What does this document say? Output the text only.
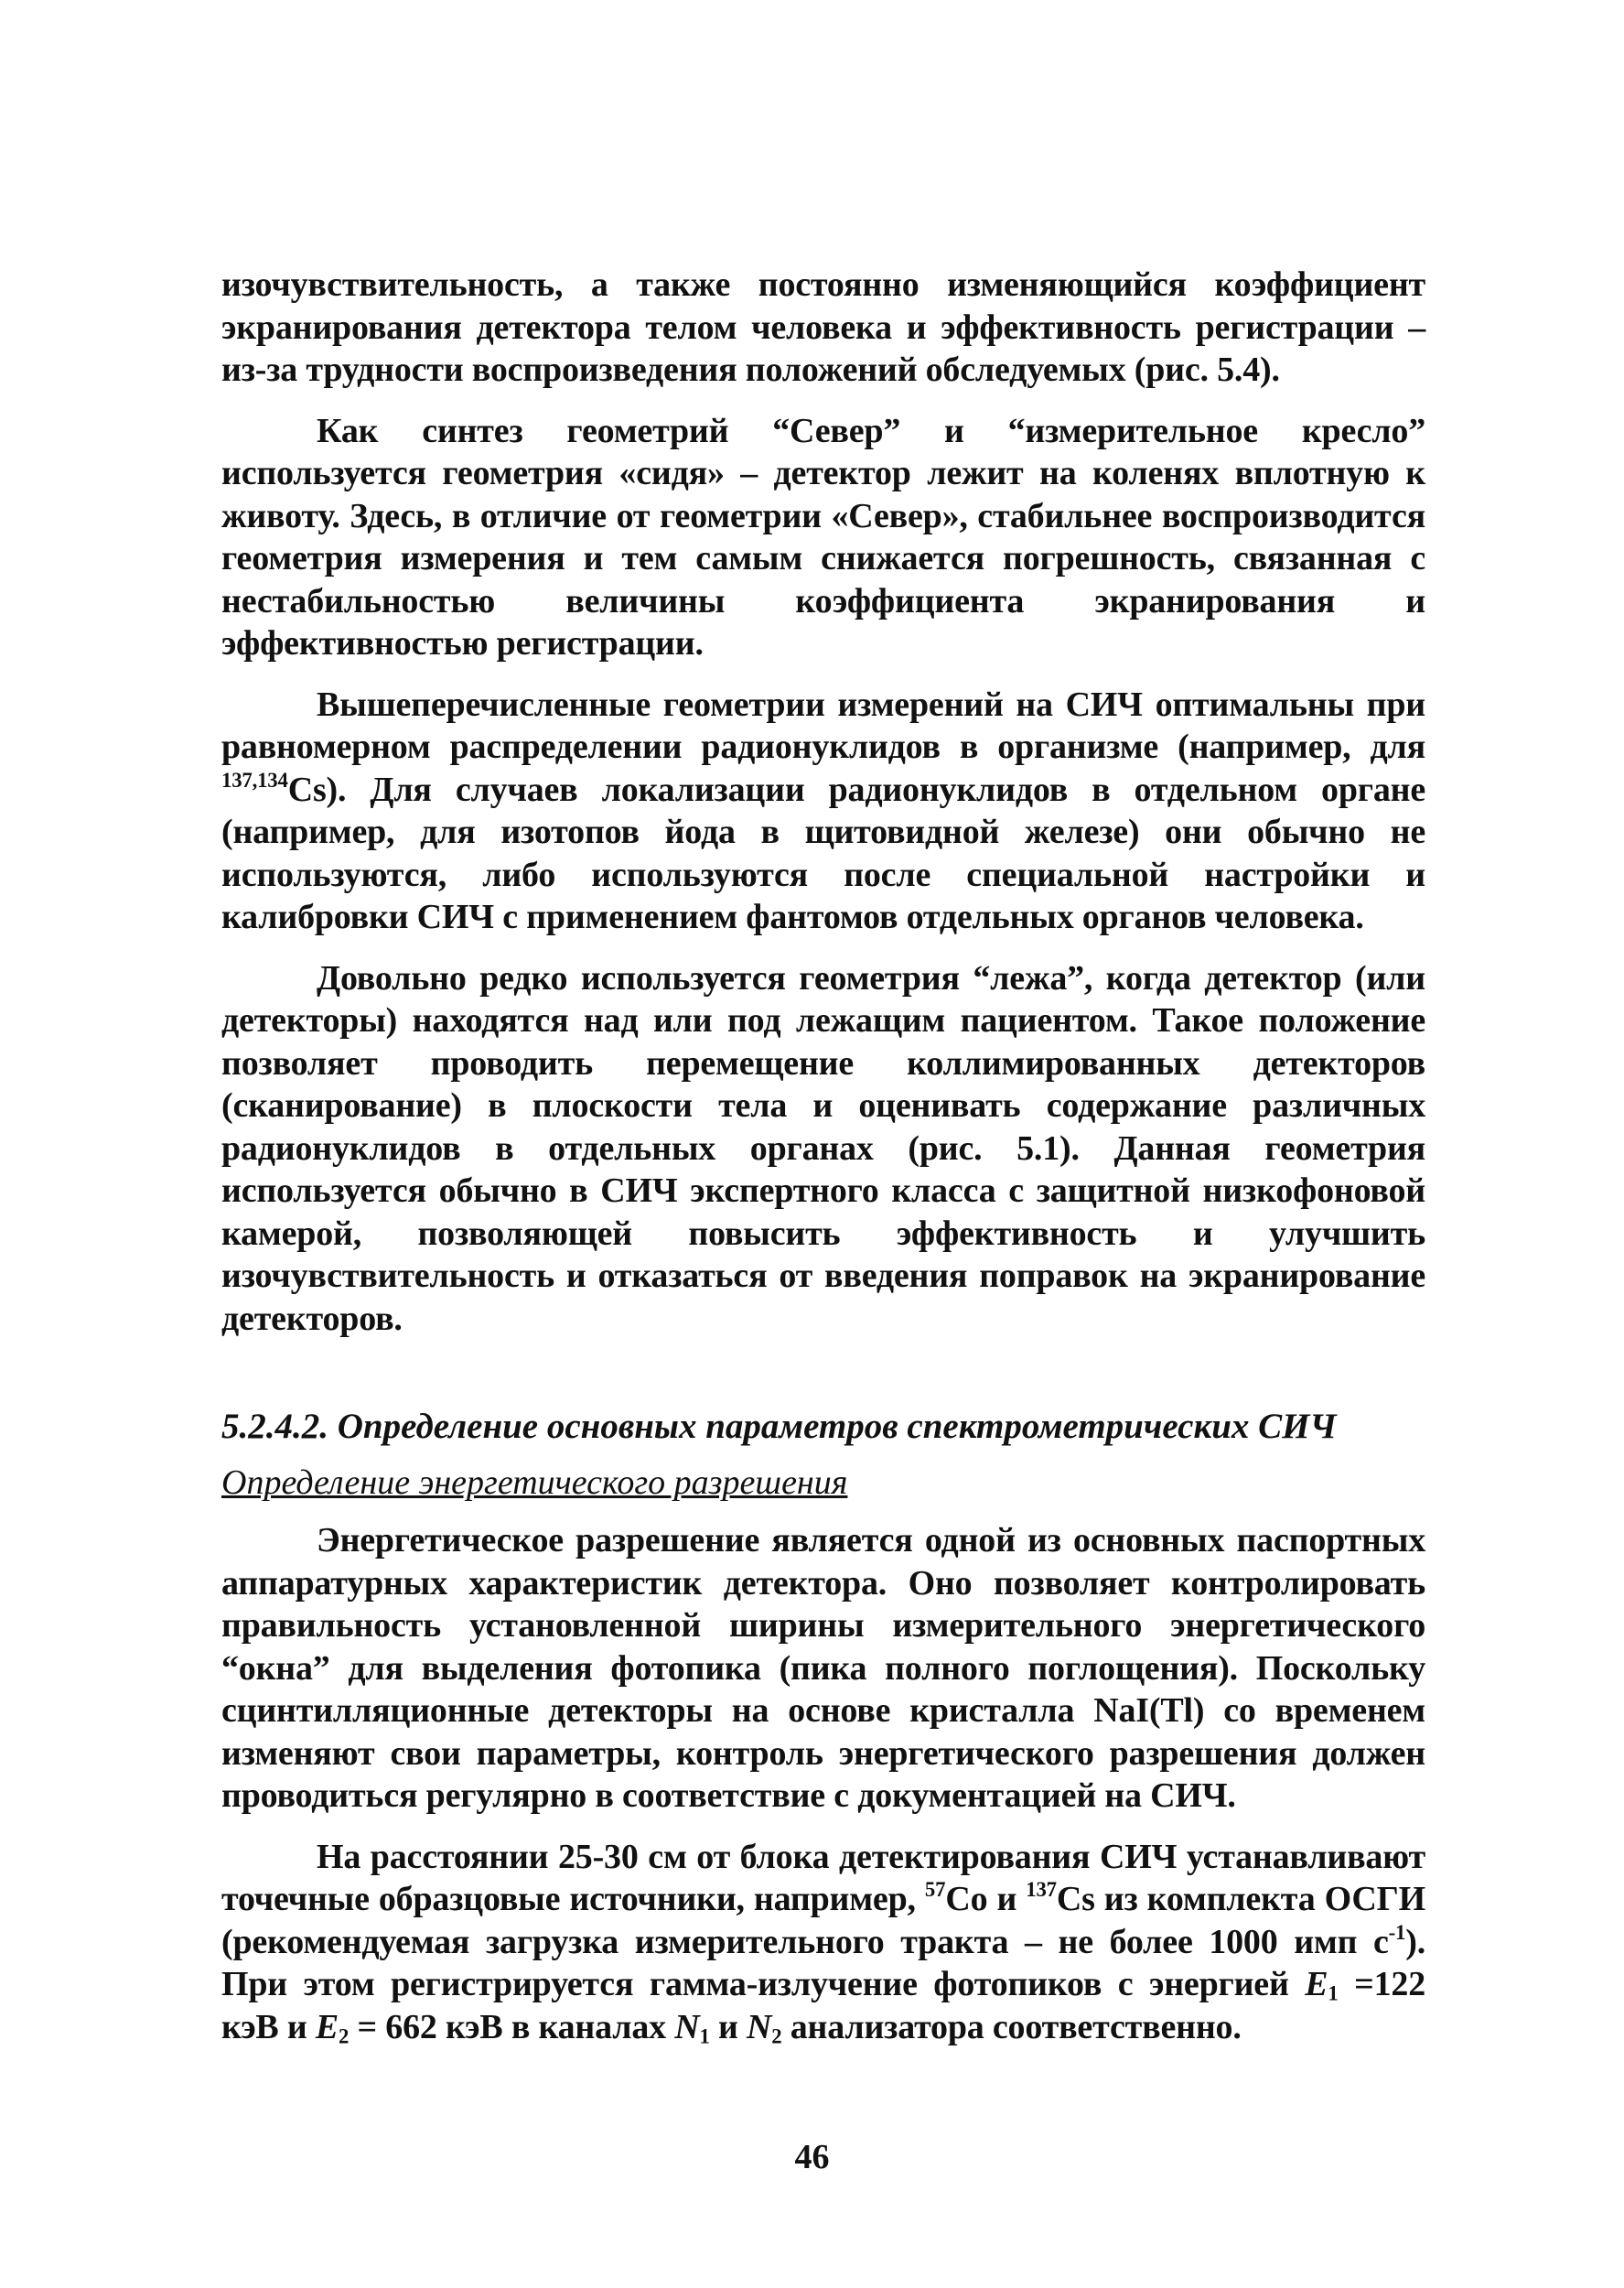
изочувствительность, а также постоянно изменяющийся коэффициент экранирования детектора телом человека и эффективность регистрации – из-за трудности воспроизведения положений обследуемых (рис. 5.4).

Как синтез геометрий “Север” и “измерительное кресло” используется геометрия «сидя» – детектор лежит на коленях вплотную к животу. Здесь, в отличие от геометрии «Север», стабильнее воспроизводится геометрия измерения и тем самым снижается погрешность, связанная с нестабильностью величины коэффициента экранирования и эффективностью регистрации.

Вышеперечисленные геометрии измерений на СИЧ оптимальны при равномерном распределении радионуклидов в организме (например, для $^{137,134}$Cs). Для случаев локализации радионуклидов в отдельном органе (например, для изотопов йода в щитовидной железе) они обычно не используются, либо используются после специальной настройки и калибровки СИЧ с применением фантомов отдельных органов человека.

Довольно редко используется геометрия “лежа”, когда детектор (или детекторы) находятся над или под лежащим пациентом. Такое положение позволяет проводить перемещение коллимированных детекторов (сканирование) в плоскости тела и оценивать содержание различных радионуклидов в отдельных органах (рис. 5.1). Данная геометрия используется обычно в СИЧ экспертного класса с защитной низкофоновой камерой, позволяющей повысить эффективность и улучшить изочувствительность и отказаться от введения поправок на экранирование детекторов.

5.2.4.2. Определение основных параметров спектрометрических СИЧ
Определение энергетического разрешения

Энергетическое разрешение является одной из основных паспортных аппаратурных характеристик детектора. Оно позволяет контролировать правильность установленной ширины измерительного энергетического “окна” для выделения фотопика (пика полного поглощения). Поскольку сцинтилляционные детекторы на основе кристалла NaI(Tl) со временем изменяют свои параметры, контроль энергетического разрешения должен проводиться регулярно в соответствие с документацией на СИЧ.

На расстоянии 25-30 см от блока детектирования СИЧ устанавливают точечные образцовые источники, например, $^{57}$Co и $^{137}$Cs из комплекта ОСГИ (рекомендуемая загрузка измерительного тракта – не более 1000 имп $с^{-1}$). При этом регистрируется гамма-излучение фотопиков с энергией $E_1 =122$ кэВ и $E_2 = 662$ кэВ в каналах $N_1$ и $N_2$ анализатора соответственно.

46
